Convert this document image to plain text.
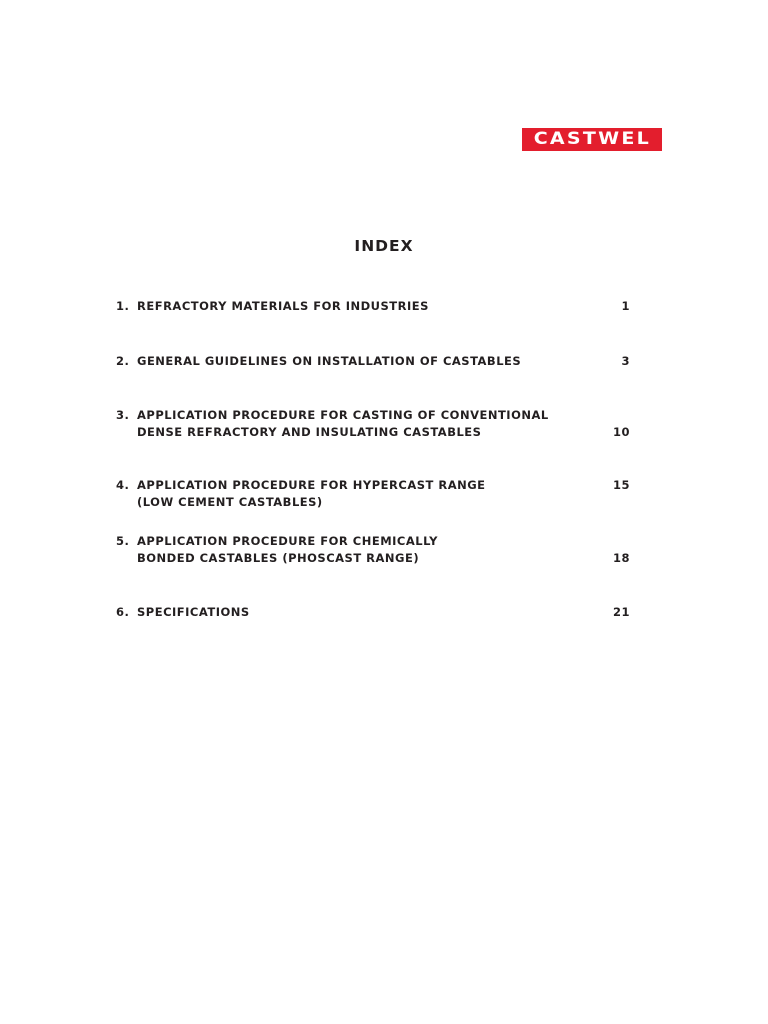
CASTWEL
INDEX
1. REFRACTORY MATERIALS FOR INDUSTRIES	1
2. GENERAL GUIDELINES ON INSTALLATION OF CASTABLES	3
3. APPLICATION PROCEDURE FOR CASTING OF CONVENTIONAL
DENSE REFRACTORY AND INSULATING CASTABLES	10
4. APPLICATION PROCEDURE FOR HYPERCAST RANGE	15
(LOW CEMENT CASTABLES)
5. APPLICATION PROCEDURE FOR CHEMICALLY
BONDED CASTABLES (PHOSCAST RANGE)	18
6. SPECIFICATIONS	21
